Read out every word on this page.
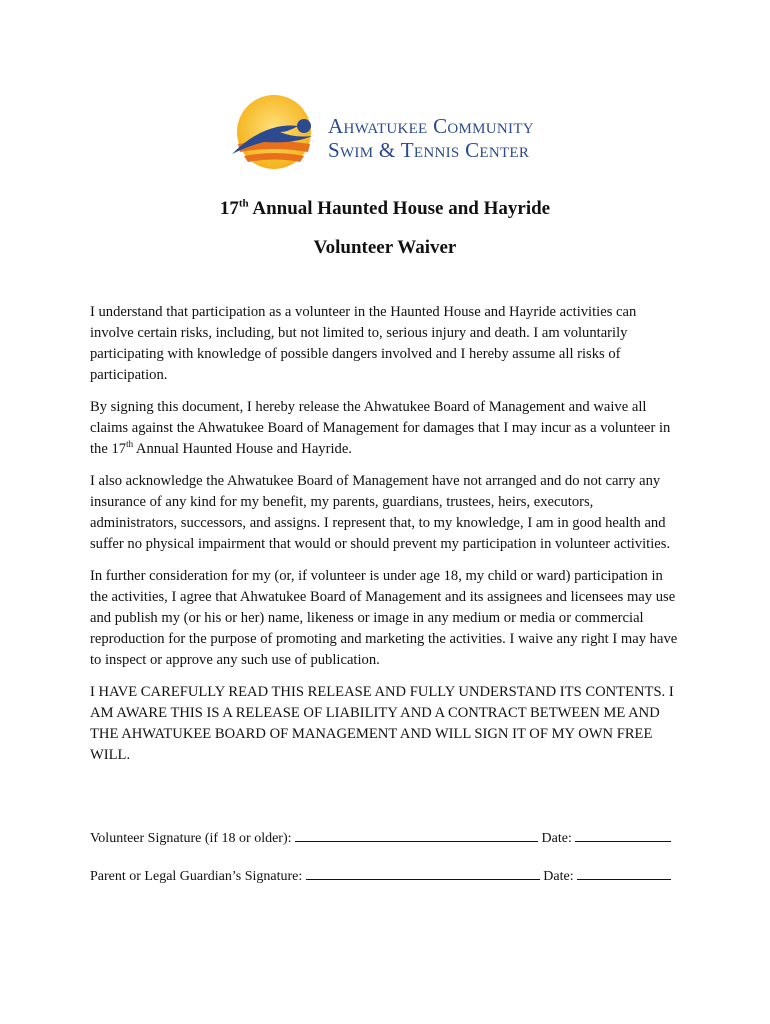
Ahwatukee Community
Swim & Tennis Center
17th Annual Haunted House and Hayride
Volunteer Waiver

I understand that participation as a volunteer in the Haunted House and Hayride activities can involve certain risks, including, but not limited to, serious injury and death. I am voluntarily participating with knowledge of possible dangers involved and I hereby assume all risks of participation.

By signing this document, I hereby release the Ahwatukee Board of Management and waive all claims against the Ahwatukee Board of Management for damages that I may incur as a volunteer in the 17th Annual Haunted House and Hayride.

I also acknowledge the Ahwatukee Board of Management have not arranged and do not carry any insurance of any kind for my benefit, my parents, guardians, trustees, heirs, executors, administrators, successors, and assigns. I represent that, to my knowledge, I am in good health and suffer no physical impairment that would or should prevent my participation in volunteer activities.

In further consideration for my (or, if volunteer is under age 18, my child or ward) participation in the activities, I agree that Ahwatukee Board of Management and its assignees and licensees may use and publish my (or his or her) name, likeness or image in any medium or media or commercial reproduction for the purpose of promoting and marketing the activities. I waive any right I may have to inspect or approve any such use of publication.

I HAVE CAREFULLY READ THIS RELEASE AND FULLY UNDERSTAND ITS CONTENTS. I AM AWARE THIS IS A RELEASE OF LIABILITY AND A CONTRACT BETWEEN ME AND THE AHWATUKEE BOARD OF MANAGEMENT AND WILL SIGN IT OF MY OWN FREE WILL.

Volunteer Signature (if 18 or older):	Date:
Parent or Legal Guardian’s Signature:	Date:
